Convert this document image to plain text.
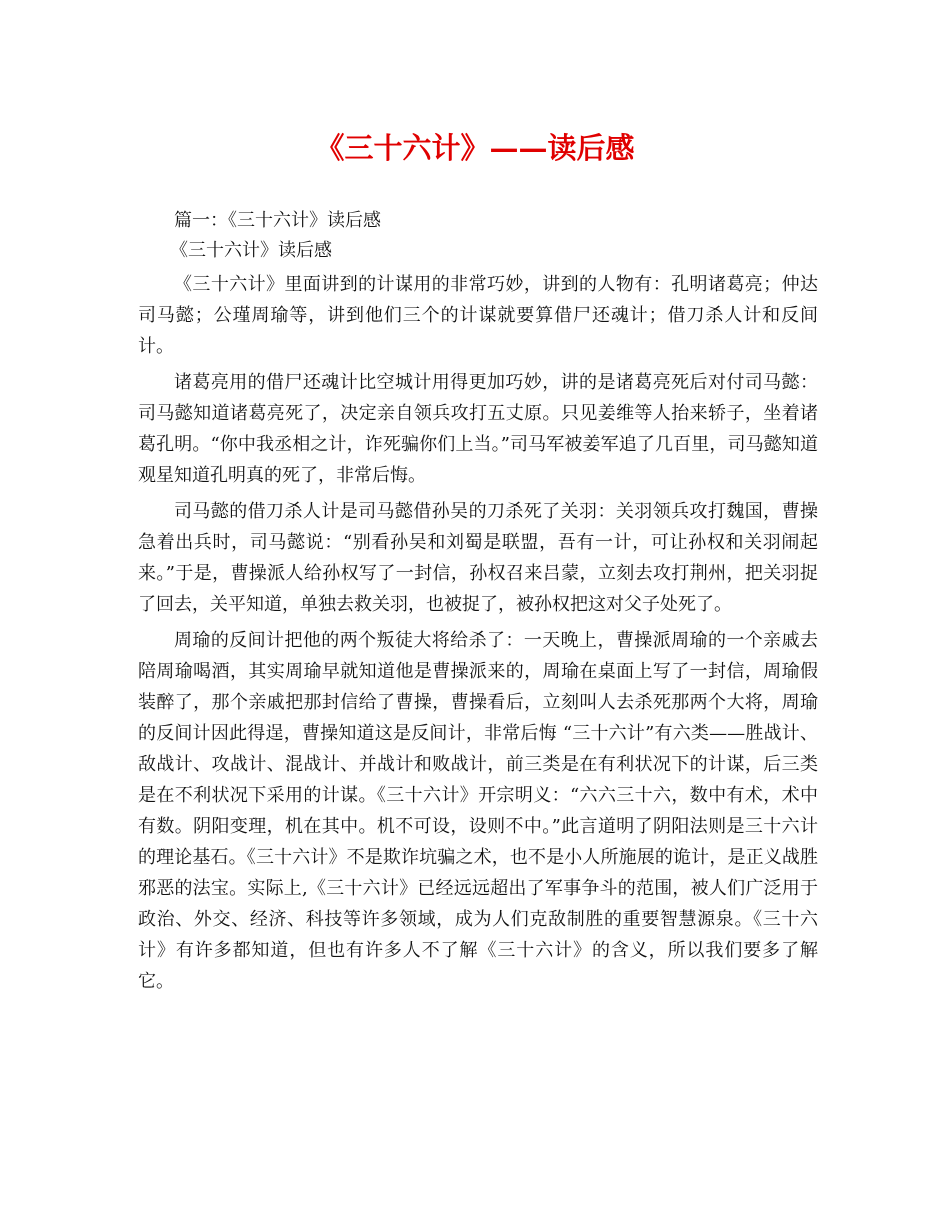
《三十六计》——读后感
篇一：《三十六计》读后感
《三十六计》读后感

《三十六计》里面讲到的计谋用的非常巧妙，讲到的人物有：孔明诸葛亮；仲达司马懿；公瑾周瑜等，讲到他们三个的计谋就要算借尸还魂计；借刀杀人计和反间计。

诸葛亮用的借尸还魂计比空城计用得更加巧妙，讲的是诸葛亮死后对付司马懿：司马懿知道诸葛亮死了，决定亲自领兵攻打五丈原。只见姜维等人抬来轿子，坐着诸葛孔明。“你中我丞相之计，诈死骗你们上当。”司马军被姜军追了几百里，司马懿知道观星知道孔明真的死了，非常后悔。

司马懿的借刀杀人计是司马懿借孙吴的刀杀死了关羽：关羽领兵攻打魏国，曹操急着出兵时，司马懿说：“别看孙吴和刘蜀是联盟，吾有一计，可让孙权和关羽闹起来。”于是，曹操派人给孙权写了一封信，孙权召来吕蒙，立刻去攻打荆州，把关羽捉了回去，关平知道，单独去救关羽，也被捉了，被孙权把这对父子处死了。

周瑜的反间计把他的两个叛徒大将给杀了：一天晚上，曹操派周瑜的一个亲戚去陪周瑜喝酒，其实周瑜早就知道他是曹操派来的，周瑜在桌面上写了一封信，周瑜假装醉了，那个亲戚把那封信给了曹操，曹操看后，立刻叫人去杀死那两个大将，周瑜的反间计因此得逞，曹操知道这是反间计，非常后悔 “三十六计”有六类——胜战计、敌战计、攻战计、混战计、并战计和败战计，前三类是在有利状况下的计谋，后三类是在不利状况下采用的计谋。《三十六计》开宗明义：“六六三十六，数中有术，术中有数。阴阳变理，机在其中。机不可设，设则不中。”此言道明了阴阳法则是三十六计的理论基石。《三十六计》不是欺诈坑骗之术，也不是小人所施展的诡计，是正义战胜邪恶的法宝。实际上,《三十六计》已经远远超出了军事争斗的范围，被人们广泛用于政治、外交、经济、科技等许多领域，成为人们克敌制胜的重要智慧源泉。《三十六计》有许多都知道，但也有许多人不了解《三十六计》的含义，所以我们要多了解它。
